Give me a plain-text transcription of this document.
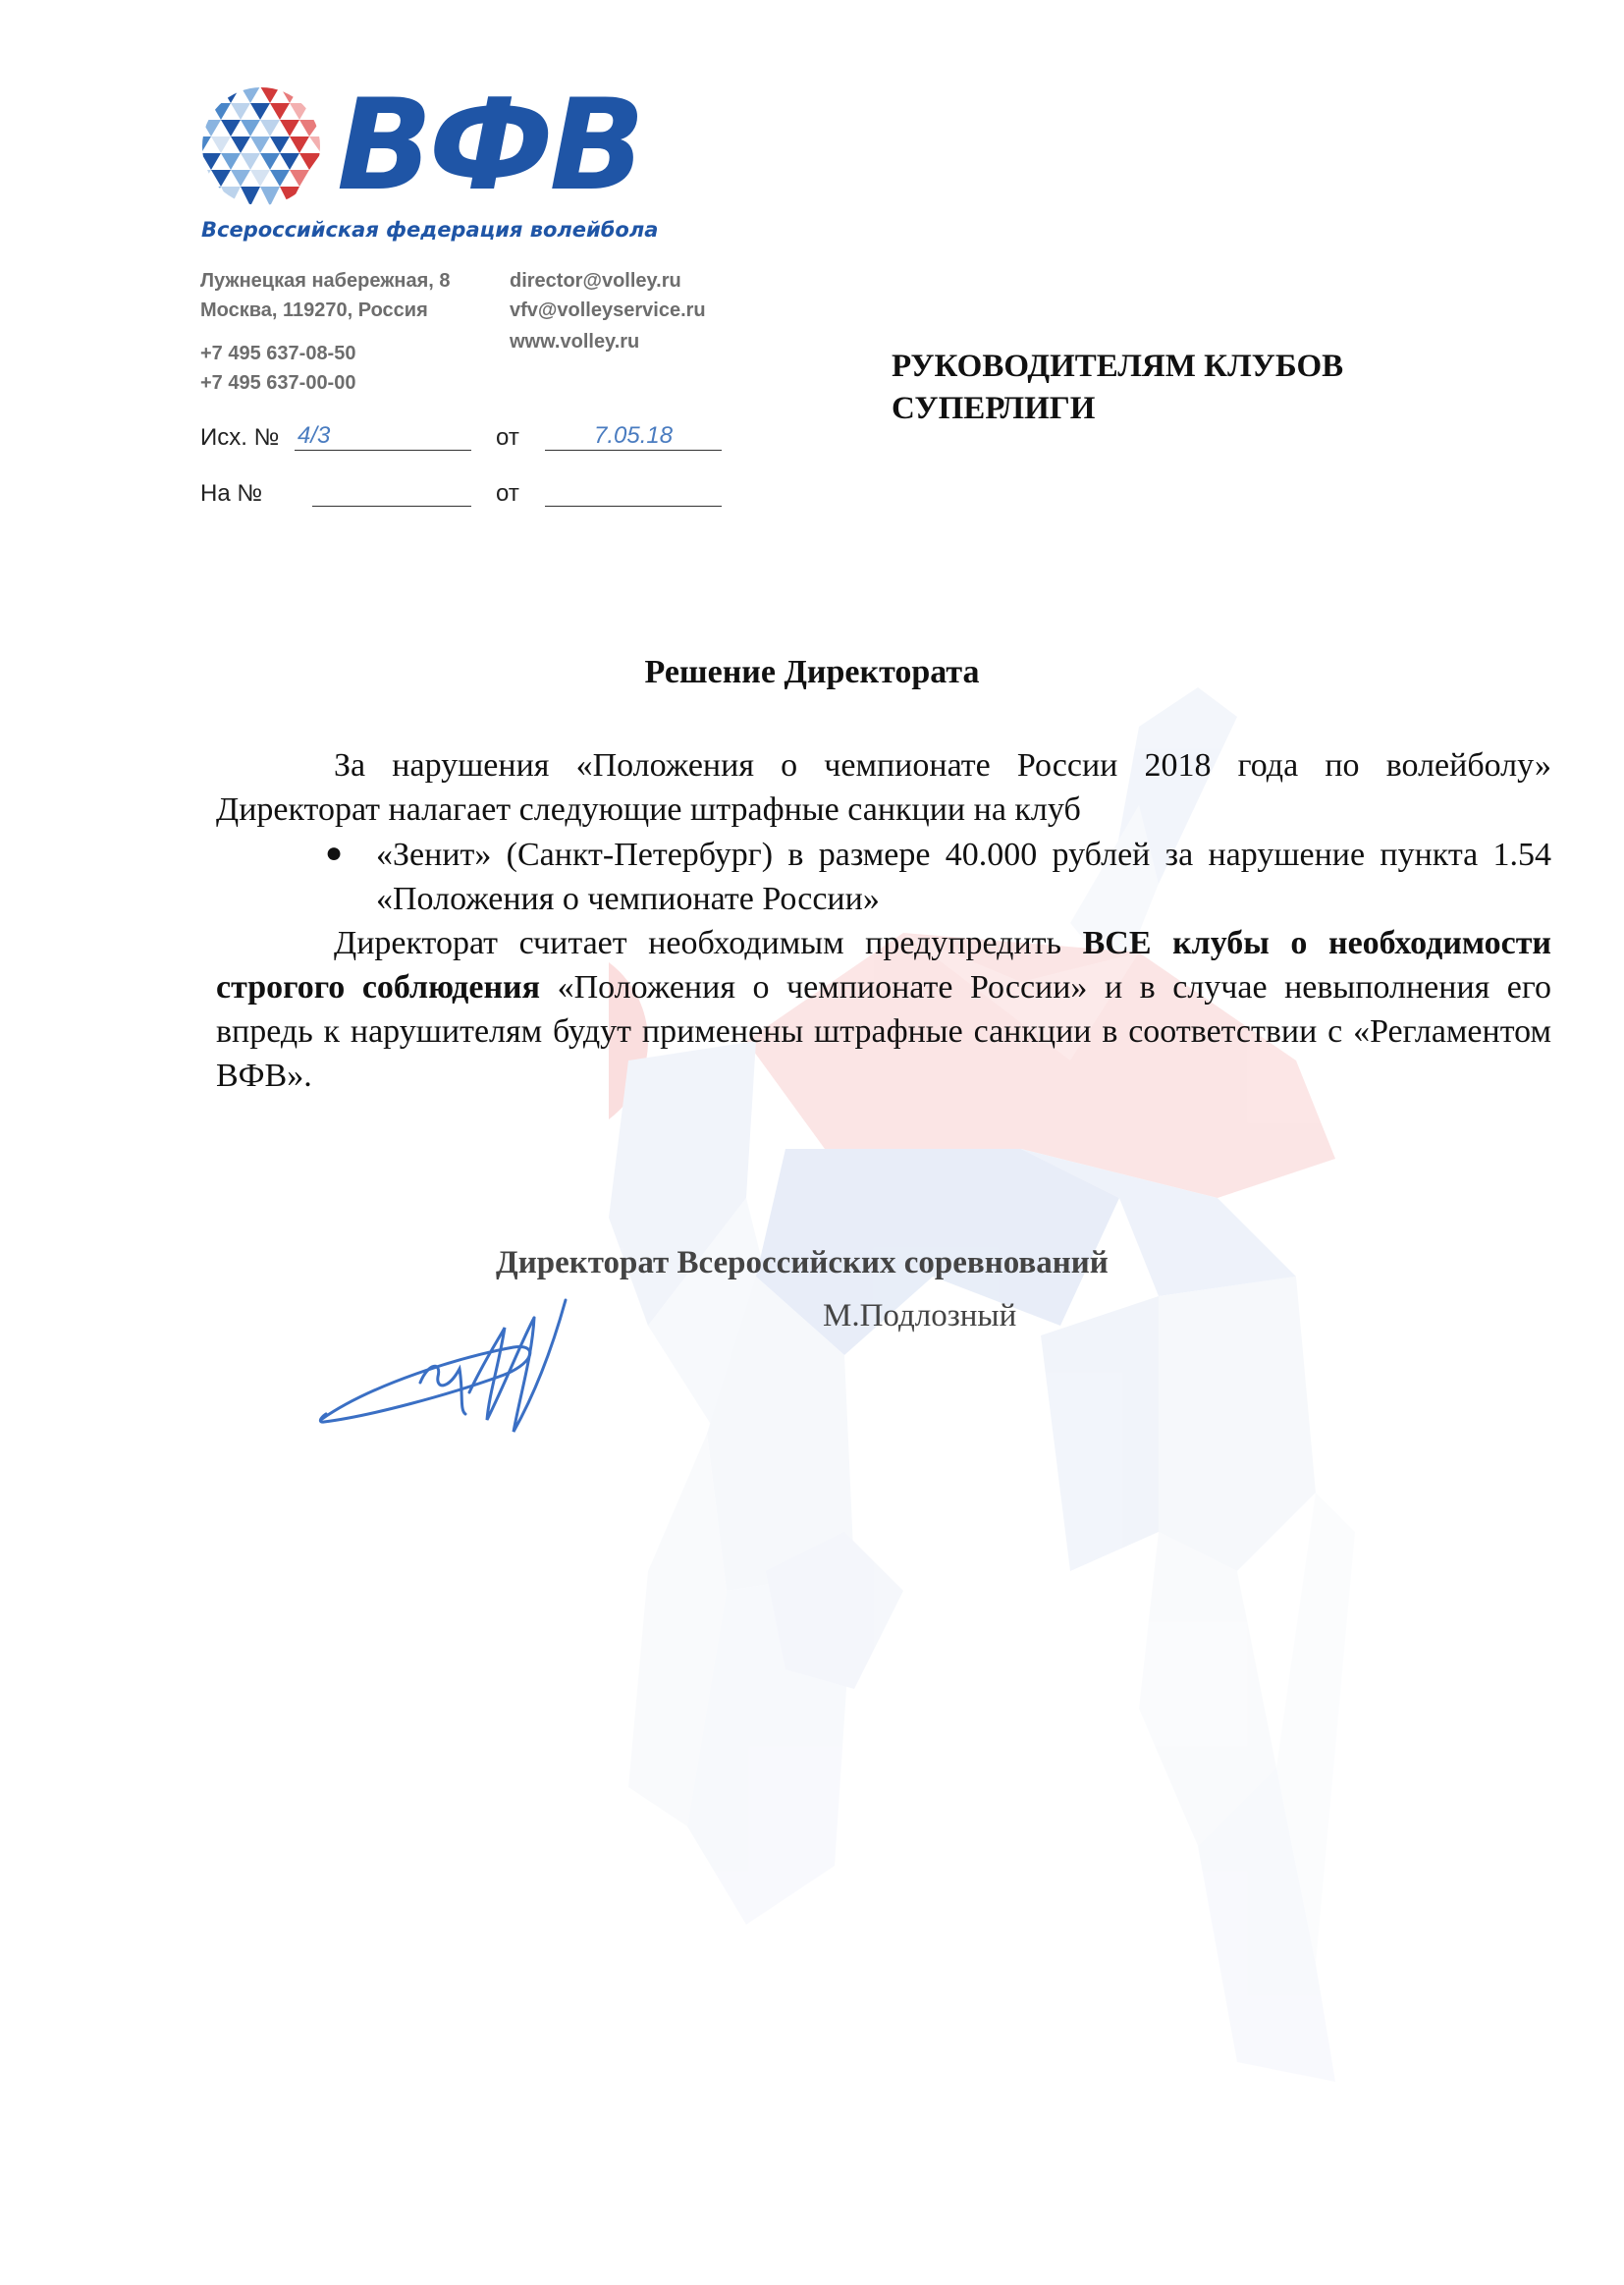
ВФВ
Всероссийская федерация волейбола
Лужнецкая набережная, 8
Москва, 119270, Россия
+7 495 637-08-50
+7 495 637-00-00
director@volley.ru
vfv@volleyservice.ru
www.volley.ru
Исх. № 4/3	от	7.05.18
На №	от
РУКОВОДИТЕЛЯМ КЛУБОВ
СУПЕРЛИГИ
Решение Директората
За нарушения «Положения о чемпионате России 2018 года по волейболу» Директорат налагает следующие штрафные санкции на клуб
● «Зенит» (Санкт-Петербург) в размере 40.000 рублей за нарушение пункта 1.54 «Положения о чемпионате России»
Директорат считает необходимым предупредить ВСЕ клубы о необходимости строгого соблюдения «Положения о чемпионате России» и в случае невыполнения его впредь к нарушителям будут применены штрафные санкции в соответствии с «Регламентом ВФВ».
Директорат Всероссийских соревнований
М.Подлозный
